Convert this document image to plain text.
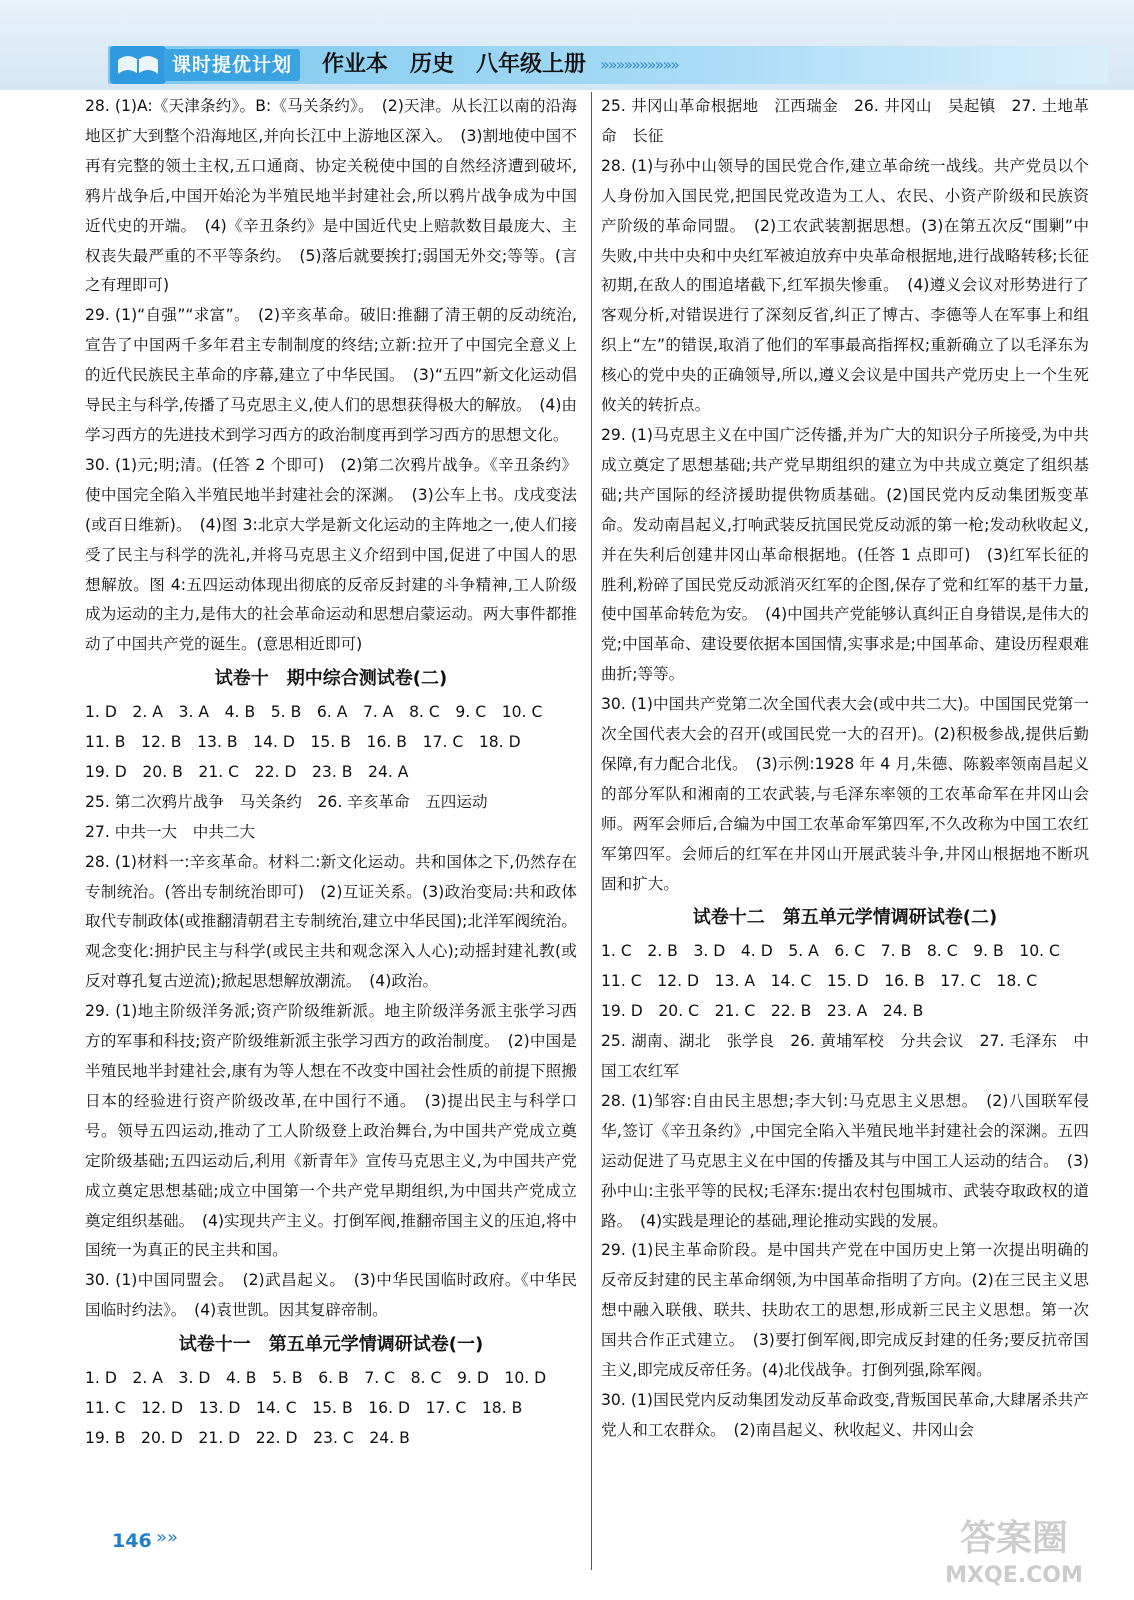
课时提优计划	作业本　历史　八年级上册 »»»»»»»»»»

28. (1)A:《天津条约》。B:《马关条约》。　(2)天津。从长江以南的沿海地区扩大到整个沿海地区,并向长江中上游地区深入。　(3)割地使中国不再有完整的领土主权,五口通商、协定关税使中国的自然经济遭到破坏,鸦片战争后,中国开始沦为半殖民地半封建社会,所以鸦片战争成为中国近代史的开端。　(4)《辛丑条约》是中国近代史上赔款数目最庞大、主权丧失最严重的不平等条约。　(5)落后就要挨打;弱国无外交;等等。(言之有理即可)

29. (1)“自强”“求富”。　(2)辛亥革命。破旧:推翻了清王朝的反动统治,宣告了中国两千多年君主专制制度的终结;立新:拉开了中国完全意义上的近代民族民主革命的序幕,建立了中华民国。　(3)“五四”新文化运动倡导民主与科学,传播了马克思主义,使人们的思想获得极大的解放。　(4)由学习西方的先进技术到学习西方的政治制度再到学习西方的思想文化。

30. (1)元;明;清。(任答 2 个即可)　(2)第二次鸦片战争。《辛丑条约》使中国完全陷入半殖民地半封建社会的深渊。　(3)公车上书。戊戌变法(或百日维新)。　(4)图 3:北京大学是新文化运动的主阵地之一,使人们接受了民主与科学的洗礼,并将马克思主义介绍到中国,促进了中国人的思想解放。图 4:五四运动体现出彻底的反帝反封建的斗争精神,工人阶级成为运动的主力,是伟大的社会革命运动和思想启蒙运动。两大事件都推动了中国共产党的诞生。(意思相近即可)

试卷十　期中综合测试卷(二)
1. D　2. A　3. A　4. B　5. B　6. A　7. A　8. C　9. C　10. C
11. B　12. B　13. B　14. D　15. B　16. B　17. C　18. D
19. D　20. B　21. C　22. D　23. B　24. A
25. 第二次鸦片战争　马关条约　26. 辛亥革命　五四运动
27. 中共一大　中共二大

28. (1)材料一:辛亥革命。材料二:新文化运动。共和国体之下,仍然存在专制统治。(答出专制统治即可)　(2)互证关系。(3)政治变局:共和政体取代专制政体(或推翻清朝君主专制统治,建立中华民国);北洋军阀统治。观念变化:拥护民主与科学(或民主共和观念深入人心);动摇封建礼教(或反对尊孔复古逆流);掀起思想解放潮流。　(4)政治。

29. (1)地主阶级洋务派;资产阶级维新派。地主阶级洋务派主张学习西方的军事和科技;资产阶级维新派主张学习西方的政治制度。　(2)中国是半殖民地半封建社会,康有为等人想在不改变中国社会性质的前提下照搬日本的经验进行资产阶级改革,在中国行不通。　(3)提出民主与科学口号。领导五四运动,推动了工人阶级登上政治舞台,为中国共产党成立奠定阶级基础;五四运动后,利用《新青年》宣传马克思主义,为中国共产党成立奠定思想基础;成立中国第一个共产党早期组织,为中国共产党成立奠定组织基础。　(4)实现共产主义。打倒军阀,推翻帝国主义的压迫,将中国统一为真正的民主共和国。

30. (1)中国同盟会。　(2)武昌起义。　(3)中华民国临时政府。《中华民国临时约法》。　(4)袁世凯。因其复辟帝制。

试卷十一　第五单元学情调研试卷(一)
1. D　2. A　3. D　4. B　5. B　6. B　7. C　8. C　9. D　10. D
11. C　12. D　13. D　14. C　15. B　16. D　17. C　18. B
19. B　20. D　21. D　22. D　23. C　24. B

25. 井冈山革命根据地　江西瑞金　26. 井冈山　吴起镇　27. 土地革命　长征

28. (1)与孙中山领导的国民党合作,建立革命统一战线。共产党员以个人身份加入国民党,把国民党改造为工人、农民、小资产阶级和民族资产阶级的革命同盟。　(2)工农武装割据思想。(3)在第五次反“围剿”中失败,中共中央和中央红军被迫放弃中央革命根据地,进行战略转移;长征初期,在敌人的围追堵截下,红军损失惨重。　(4)遵义会议对形势进行了客观分析,对错误进行了深刻反省,纠正了博古、李德等人在军事上和组织上“左”的错误,取消了他们的军事最高指挥权;重新确立了以毛泽东为核心的党中央的正确领导,所以,遵义会议是中国共产党历史上一个生死攸关的转折点。

29. (1)马克思主义在中国广泛传播,并为广大的知识分子所接受,为中共成立奠定了思想基础;共产党早期组织的建立为中共成立奠定了组织基础;共产国际的经济援助提供物质基础。(2)国民党内反动集团叛变革命。发动南昌起义,打响武装反抗国民党反动派的第一枪;发动秋收起义,并在失利后创建井冈山革命根据地。(任答 1 点即可)　(3)红军长征的胜利,粉碎了国民党反动派消灭红军的企图,保存了党和红军的基干力量,使中国革命转危为安。　(4)中国共产党能够认真纠正自身错误,是伟大的党;中国革命、建设要依据本国国情,实事求是;中国革命、建设历程艰难曲折;等等。

30. (1)中国共产党第二次全国代表大会(或中共二大)。中国国民党第一次全国代表大会的召开(或国民党一大的召开)。(2)积极参战,提供后勤保障,有力配合北伐。　(3)示例:1928 年 4 月,朱德、陈毅率领南昌起义的部分军队和湘南的工农武装,与毛泽东率领的工农革命军在井冈山会师。两军会师后,合编为中国工农革命军第四军,不久改称为中国工农红军第四军。会师后的红军在井冈山开展武装斗争,井冈山根据地不断巩固和扩大。

试卷十二　第五单元学情调研试卷(二)
1. C　2. B　3. D　4. D　5. A　6. C　7. B　8. C　9. B　10. C
11. C　12. D　13. A　14. C　15. D　16. B　17. C　18. C
19. D　20. C　21. C　22. B　23. A　24. B
25. 湖南、湖北　张学良　26. 黄埔军校　分共会议　27. 毛泽东　中国工农红军

28. (1)邹容:自由民主思想;李大钊:马克思主义思想。　(2)八国联军侵华,签订《辛丑条约》,中国完全陷入半殖民地半封建社会的深渊。五四运动促进了马克思主义在中国的传播及其与中国工人运动的结合。　(3)孙中山:主张平等的民权;毛泽东:提出农村包围城市、武装夺取政权的道路。　(4)实践是理论的基础,理论推动实践的发展。

29. (1)民主革命阶段。是中国共产党在中国历史上第一次提出明确的反帝反封建的民主革命纲领,为中国革命指明了方向。(2)在三民主义思想中融入联俄、联共、扶助农工的思想,形成新三民主义思想。第一次国共合作正式建立。　(3)要打倒军阀,即完成反封建的任务;要反抗帝国主义,即完成反帝任务。(4)北伐战争。打倒列强,除军阀。

30. (1)国民党内反动集团发动反革命政变,背叛国民革命,大肆屠杀共产党人和工农群众。　(2)南昌起义、秋收起义、井冈山会

146 »»	答案圈
MXQE.COM
